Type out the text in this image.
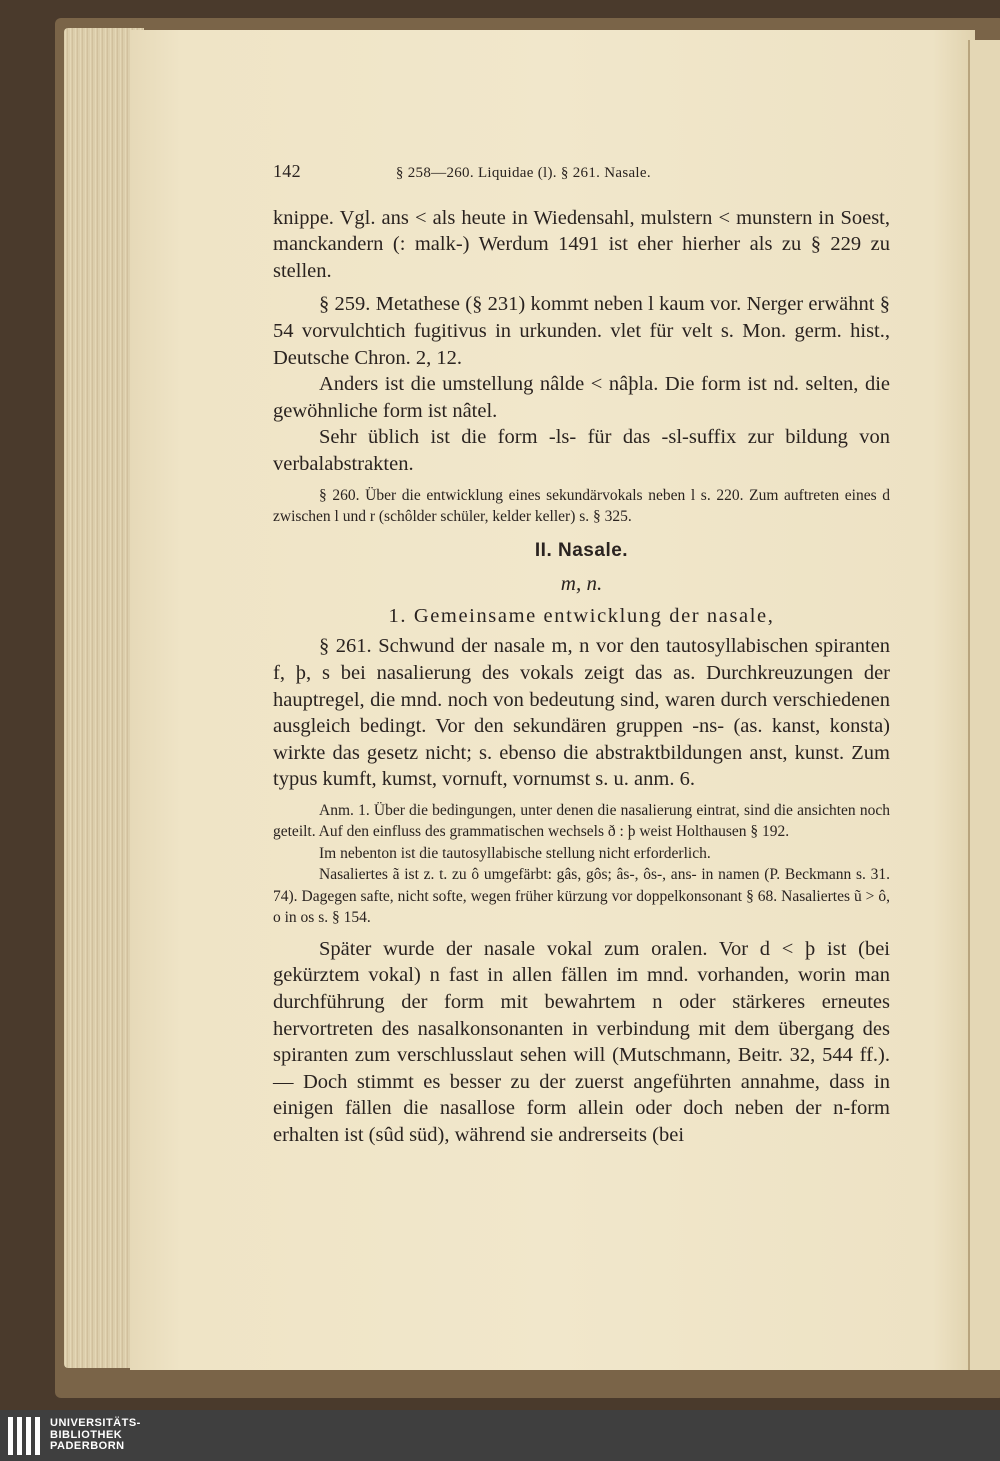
142	§ 258—260. Liquidae (l). § 261. Nasale.

knippe. Vgl. ans < als heute in Wiedensahl, mulstern < munstern in Soest, manckandern (: malk-) Werdum 1491 ist eher hierher als zu § 229 zu stellen.

§ 259. Metathese (§ 231) kommt neben l kaum vor. Nerger erwähnt § 54 vorvulchtich fugitivus in urkunden. vlet für velt s. Mon. germ. hist., Deutsche Chron. 2, 12.

Anders ist die umstellung nâlde < nâþla. Die form ist nd. selten, die gewöhnliche form ist nâtel.

Sehr üblich ist die form -ls- für das -sl-suffix zur bildung von verbalabstrakten.

§ 260. Über die entwicklung eines sekundärvokals neben l s. 220. Zum auftreten eines d zwischen l und r (schôlder schüler, kelder keller) s. § 325.

II. Nasale.
m, n.
1. Gemeinsame entwicklung der nasale,

§ 261. Schwund der nasale m, n vor den tautosyllabischen spiranten f, þ, s bei nasalierung des vokals zeigt das as. Durchkreuzungen der hauptregel, die mnd. noch von bedeutung sind, waren durch verschiedenen ausgleich bedingt. Vor den sekundären gruppen -ns- (as. kanst, konsta) wirkte das gesetz nicht; s. ebenso die abstraktbildungen anst, kunst. Zum typus kumft, kumst, vornuft, vornumst s. u. anm. 6.

Anm. 1. Über die bedingungen, unter denen die nasalierung eintrat, sind die ansichten noch geteilt. Auf den einfluss des grammatischen wechsels ð : þ weist Holthausen § 192.

Im nebenton ist die tautosyllabische stellung nicht erforderlich.

Nasaliertes ã ist z. t. zu ô umgefärbt: gâs, gôs; âs-, ôs-, ans- in namen (P. Beckmann s. 31. 74). Dagegen safte, nicht softe, wegen früher kürzung vor doppelkonsonant § 68. Nasaliertes ũ > ô, o in os s. § 154.

Später wurde der nasale vokal zum oralen. Vor d < þ ist (bei gekürztem vokal) n fast in allen fällen im mnd. vorhanden, worin man durchführung der form mit bewahrtem n oder stärkeres erneutes hervortreten des nasalkonsonanten in verbindung mit dem übergang des spiranten zum verschlusslaut sehen will (Mutschmann, Beitr. 32, 544 ff.). — Doch stimmt es besser zu der zuerst angeführten annahme, dass in einigen fällen die nasallose form allein oder doch neben der n-form erhalten ist (sûd süd), während sie andrerseits (bei

UNIVERSITÄTS-
BIBLIOTHEK
PADERBORN
